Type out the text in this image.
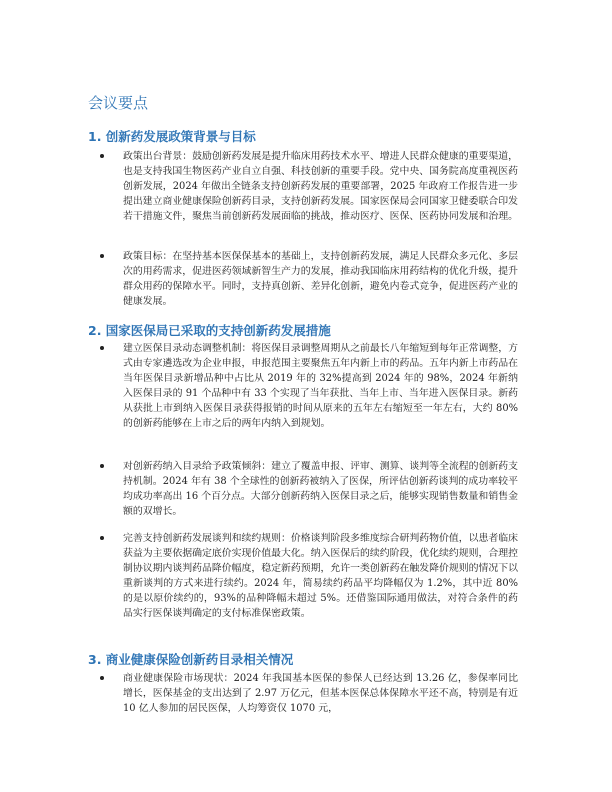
会议要点
1. 创新药发展政策背景与目标

政策出台背景：鼓励创新药发展是提升临床用药技术水平、增进人民群众健康的重要渠道，也是支持我国生物医药产业自立自强、科技创新的重要手段。党中央、国务院高度重视医药创新发展，2024 年做出全链条支持创新药发展的重要部署，2025 年政府工作报告进一步提出建立商业健康保险创新药目录，支持创新药发展。国家医保局会同国家卫健委联合印发若干措施文件，聚焦当前创新药发展面临的挑战，推动医疗、医保、医药协同发展和治理。

政策目标：在坚持基本医保保基本的基础上，支持创新药发展，满足人民群众多元化、多层次的用药需求，促进医药领域新智生产力的发展，推动我国临床用药结构的优化升级，提升群众用药的保障水平。同时，支持真创新、差异化创新，避免内卷式竞争，促进医药产业的健康发展。

2. 国家医保局已采取的支持创新药发展措施

建立医保目录动态调整机制：将医保目录调整周期从之前最长八年缩短到每年正常调整，方式由专家遴选改为企业申报，申报范围主要聚焦五年内新上市的药品。五年内新上市药品在当年医保目录新增品种中占比从 2019 年的 32%提高到 2024 年的 98%，2024 年新纳入医保目录的 91 个品种中有 33 个实现了当年获批、当年上市、当年进入医保目录。新药从获批上市到纳入医保目录获得报销的时间从原来的五年左右缩短至一年左右，大约 80%的创新药能够在上市之后的两年内纳入到规划。

对创新药纳入目录给予政策倾斜：建立了覆盖申报、评审、测算、谈判等全流程的创新药支持机制。2024 年有 38 个全球性的创新药被纳入了医保，所评估创新药谈判的成功率较平均成功率高出 16 个百分点。大部分创新药纳入医保目录之后，能够实现销售数量和销售金额的双增长。

完善支持创新药发展谈判和续约规则：价格谈判阶段多维度综合研判药物价值，以患者临床获益为主要依据确定底价实现价值最大化。纳入医保后的续约阶段，优化续约规则，合理控制协议期内谈判药品降价幅度，稳定新药预期，允许一类创新药在触发降价规则的情况下以重新谈判的方式来进行续约。2024 年，简易续约药品平均降幅仅为 1.2%，其中近 80%的是以原价续约的，93%的品种降幅未超过 5%。还借鉴国际通用做法，对符合条件的药品实行医保谈判确定的支付标准保密政策。

3. 商业健康保险创新药目录相关情况

商业健康保险市场现状：2024 年我国基本医保的参保人已经达到 13.26 亿，参保率同比增长，医保基金的支出达到了 2.97 万亿元，但基本医保总体保障水平还不高，特别是有近 10 亿人参加的居民医保，人均筹资仅 1070 元，
